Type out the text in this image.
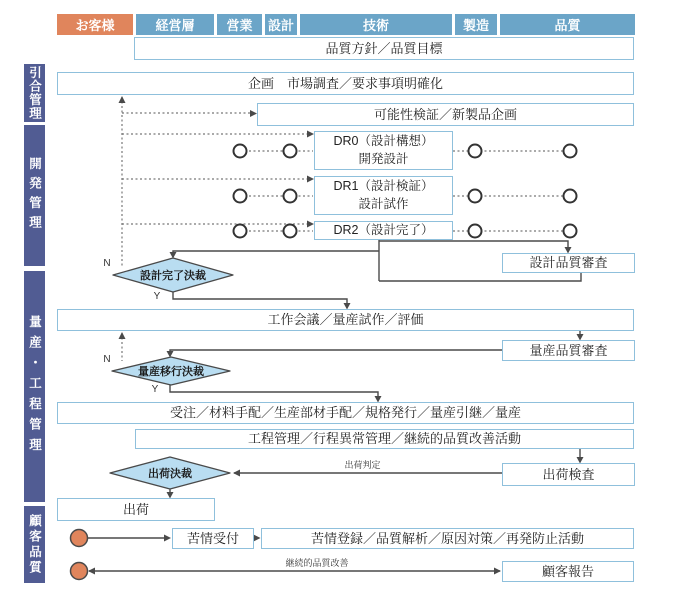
お客様	経営層	営業	設計	技術	製造	品質
引合管理
開発管理
量産・工程管理
顧客品質
品質方針／品質目標
企画　市場調査／要求事項明確化
可能性検証／新製品企画
DR0（設計構想）
開発設計
DR1（設計検証）
設計試作
DR2（設計完了）
設計品質審査
工作会議／量産試作／評価
量産品質審査
受注／材料手配／生産部材手配／規格発行／量産引継／量産
工程管理／行程異常管理／継続的品質改善活動
出荷検査
出荷
苦情受付	苦情登録／品質解析／原因対策／再発防止活動
顧客報告
設計完了決裁
量産移行決裁
出荷決裁
N
Y
N
Y
出荷判定
継続的品質改善
